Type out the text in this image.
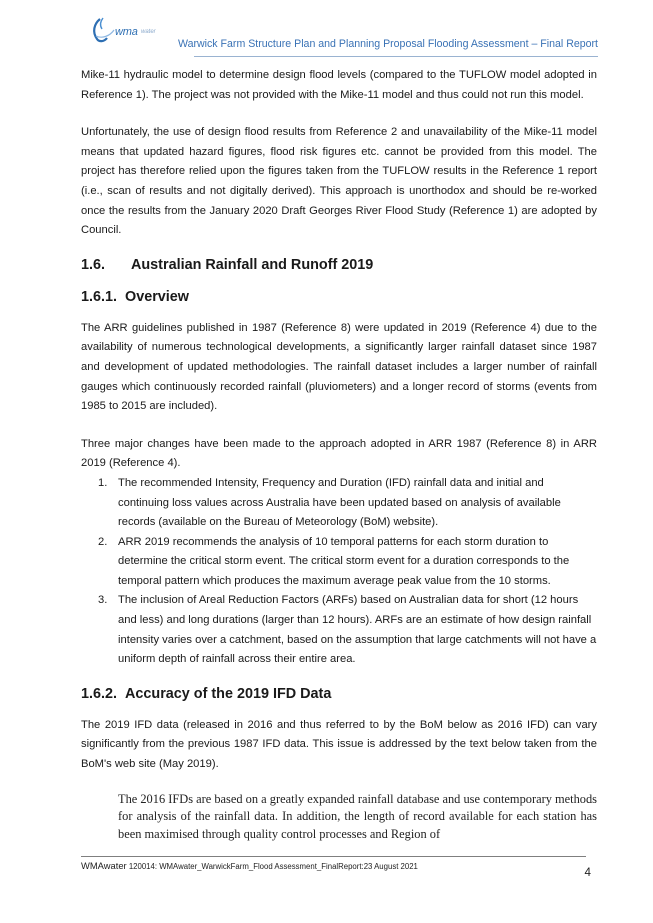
wma water
Warwick Farm Structure Plan and Planning Proposal Flooding Assessment – Final Report

Mike-11 hydraulic model to determine design flood levels (compared to the TUFLOW model adopted in Reference 1). The project was not provided with the Mike-11 model and thus could not run this model.

Unfortunately, the use of design flood results from Reference 2 and unavailability of the Mike-11 model means that updated hazard figures, flood risk figures etc. cannot be provided from this model. The project has therefore relied upon the figures taken from the TUFLOW results in the Reference 1 report (i.e., scan of results and not digitally derived). This approach is unorthodox and should be re-worked once the results from the January 2020 Draft Georges River Flood Study (Reference 1) are adopted by Council.

1.6. Australian Rainfall and Runoff 2019

1.6.1. Overview

The ARR guidelines published in 1987 (Reference 8) were updated in 2019 (Reference 4) due to the availability of numerous technological developments, a significantly larger rainfall dataset since 1987 and development of updated methodologies. The rainfall dataset includes a larger number of rainfall gauges which continuously recorded rainfall (pluviometers) and a longer record of storms (events from 1985 to 2015 are included).

Three major changes have been made to the approach adopted in ARR 1987 (Reference 8) in ARR 2019 (Reference 4).

1. The recommended Intensity, Frequency and Duration (IFD) rainfall data and initial and continuing loss values across Australia have been updated based on analysis of available records (available on the Bureau of Meteorology (BoM) website).
2. ARR 2019 recommends the analysis of 10 temporal patterns for each storm duration to determine the critical storm event. The critical storm event for a duration corresponds to the temporal pattern which produces the maximum average peak value from the 10 storms.
3. The inclusion of Areal Reduction Factors (ARFs) based on Australian data for short (12 hours and less) and long durations (larger than 12 hours). ARFs are an estimate of how design rainfall intensity varies over a catchment, based on the assumption that large catchments will not have a uniform depth of rainfall across their entire area.

1.6.2. Accuracy of the 2019 IFD Data

The 2019 IFD data (released in 2016 and thus referred to by the BoM below as 2016 IFD) can vary significantly from the previous 1987 IFD data. This issue is addressed by the text below taken from the BoM's web site (May 2019).

The 2016 IFDs are based on a greatly expanded rainfall database and use contemporary methods for analysis of the rainfall data. In addition, the length of record available for each station has been maximised through quality control processes and Region of

WMAwater 120014: WMAwater_WarwickFarm_Flood Assessment_FinalReport:23 August 2021	4
